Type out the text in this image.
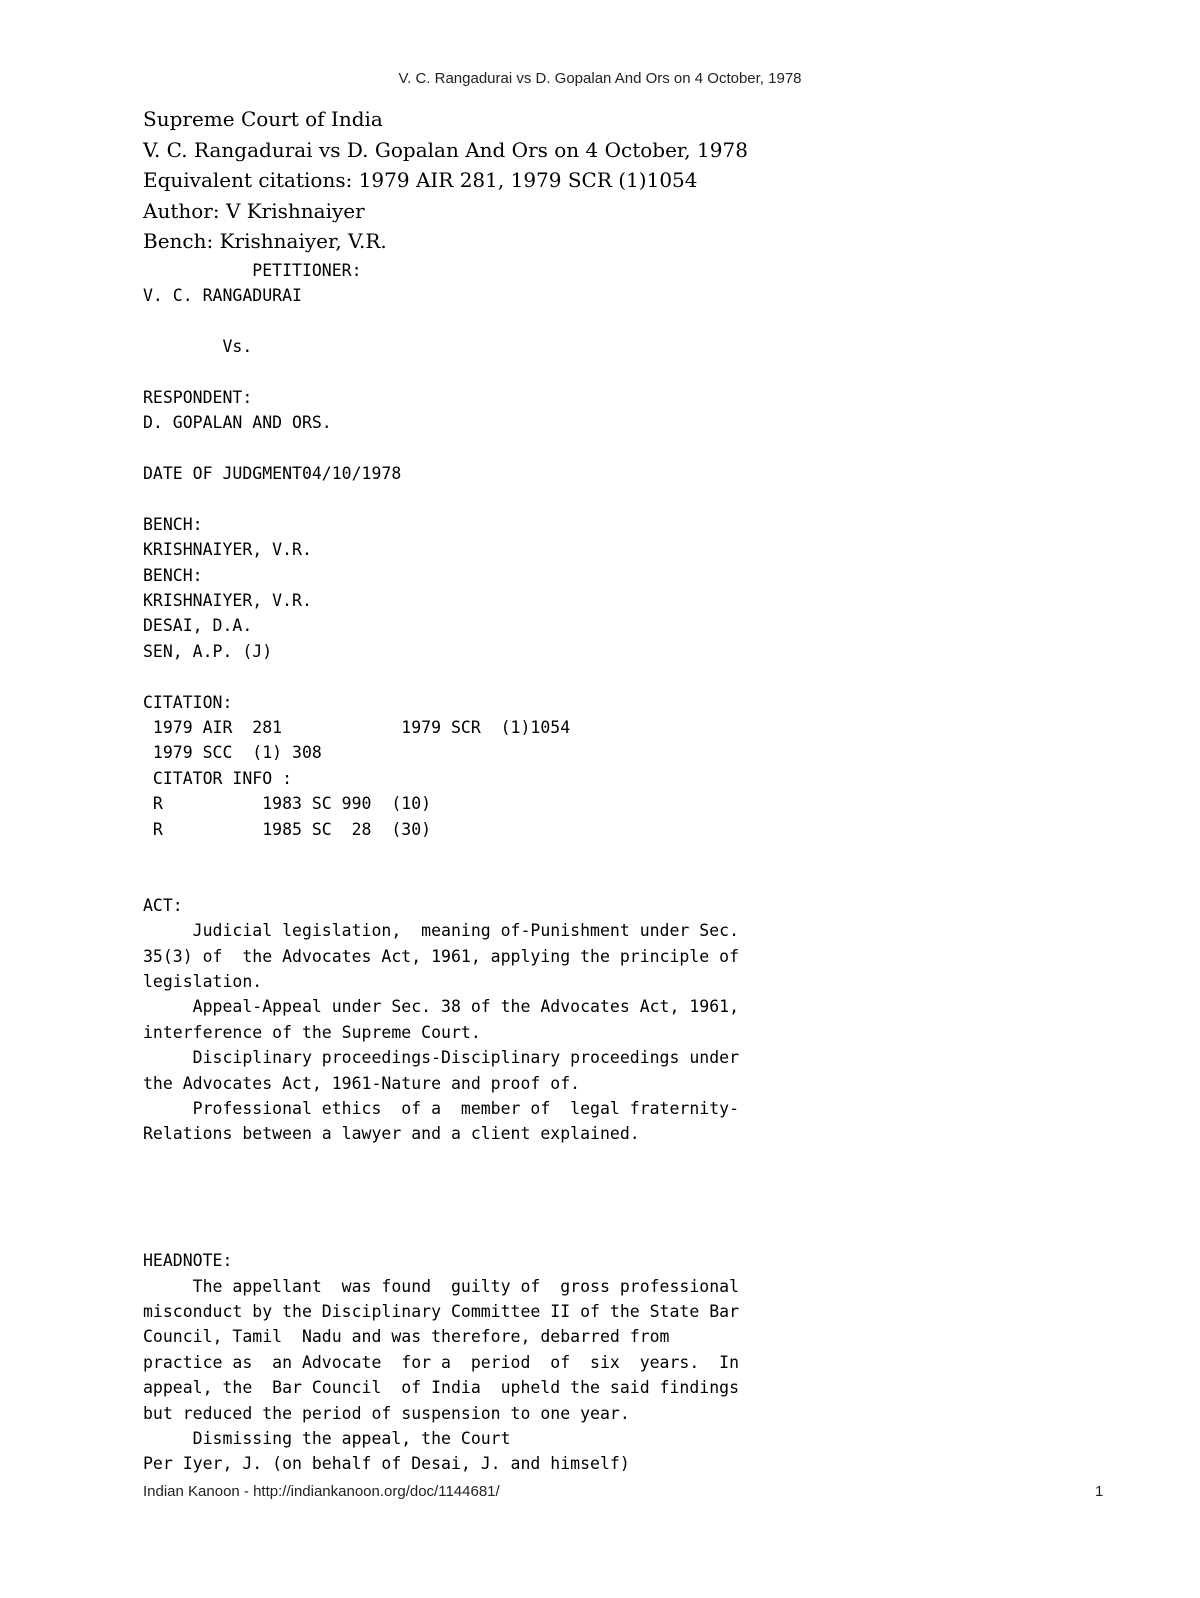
V. C. Rangadurai vs D. Gopalan And Ors on 4 October, 1978
Supreme Court of India
V. C. Rangadurai vs D. Gopalan And Ors on 4 October, 1978
Equivalent citations: 1979 AIR 281, 1979 SCR (1)1054
Author: V Krishnaiyer
Bench: Krishnaiyer, V.R.
PETITIONER:
V. C. RANGADURAI
Vs.
RESPONDENT:
D. GOPALAN AND ORS.
DATE OF JUDGMENT04/10/1978
BENCH:
KRISHNAIYER, V.R.
BENCH:
KRISHNAIYER, V.R.
DESAI, D.A.
SEN, A.P. (J)
CITATION:
1979 AIR  281            1979 SCR  (1)1054
1979 SCC  (1) 308
CITATOR INFO :
R          1983 SC 990  (10)
R          1985 SC  28  (30)
ACT:
Judicial legislation,  meaning of-Punishment under Sec.
35(3) of  the Advocates Act, 1961, applying the principle of
legislation.
Appeal-Appeal under Sec. 38 of the Advocates Act, 1961,
interference of the Supreme Court.
Disciplinary proceedings-Disciplinary proceedings under
the Advocates Act, 1961-Nature and proof of.
Professional ethics  of a  member of  legal fraternity-
Relations between a lawyer and a client explained.
HEADNOTE:
The appellant  was found  guilty of  gross professional
misconduct by the Disciplinary Committee II of the State Bar
Council, Tamil  Nadu and was therefore, debarred from
practice as  an Advocate  for a  period  of  six  years.  In
appeal, the  Bar Council  of India  upheld the said findings
but reduced the period of suspension to one year.
Dismissing the appeal, the Court
Per Iyer, J. (on behalf of Desai, J. and himself)
Indian Kanoon - http://indiankanoon.org/doc/1144681/	1
